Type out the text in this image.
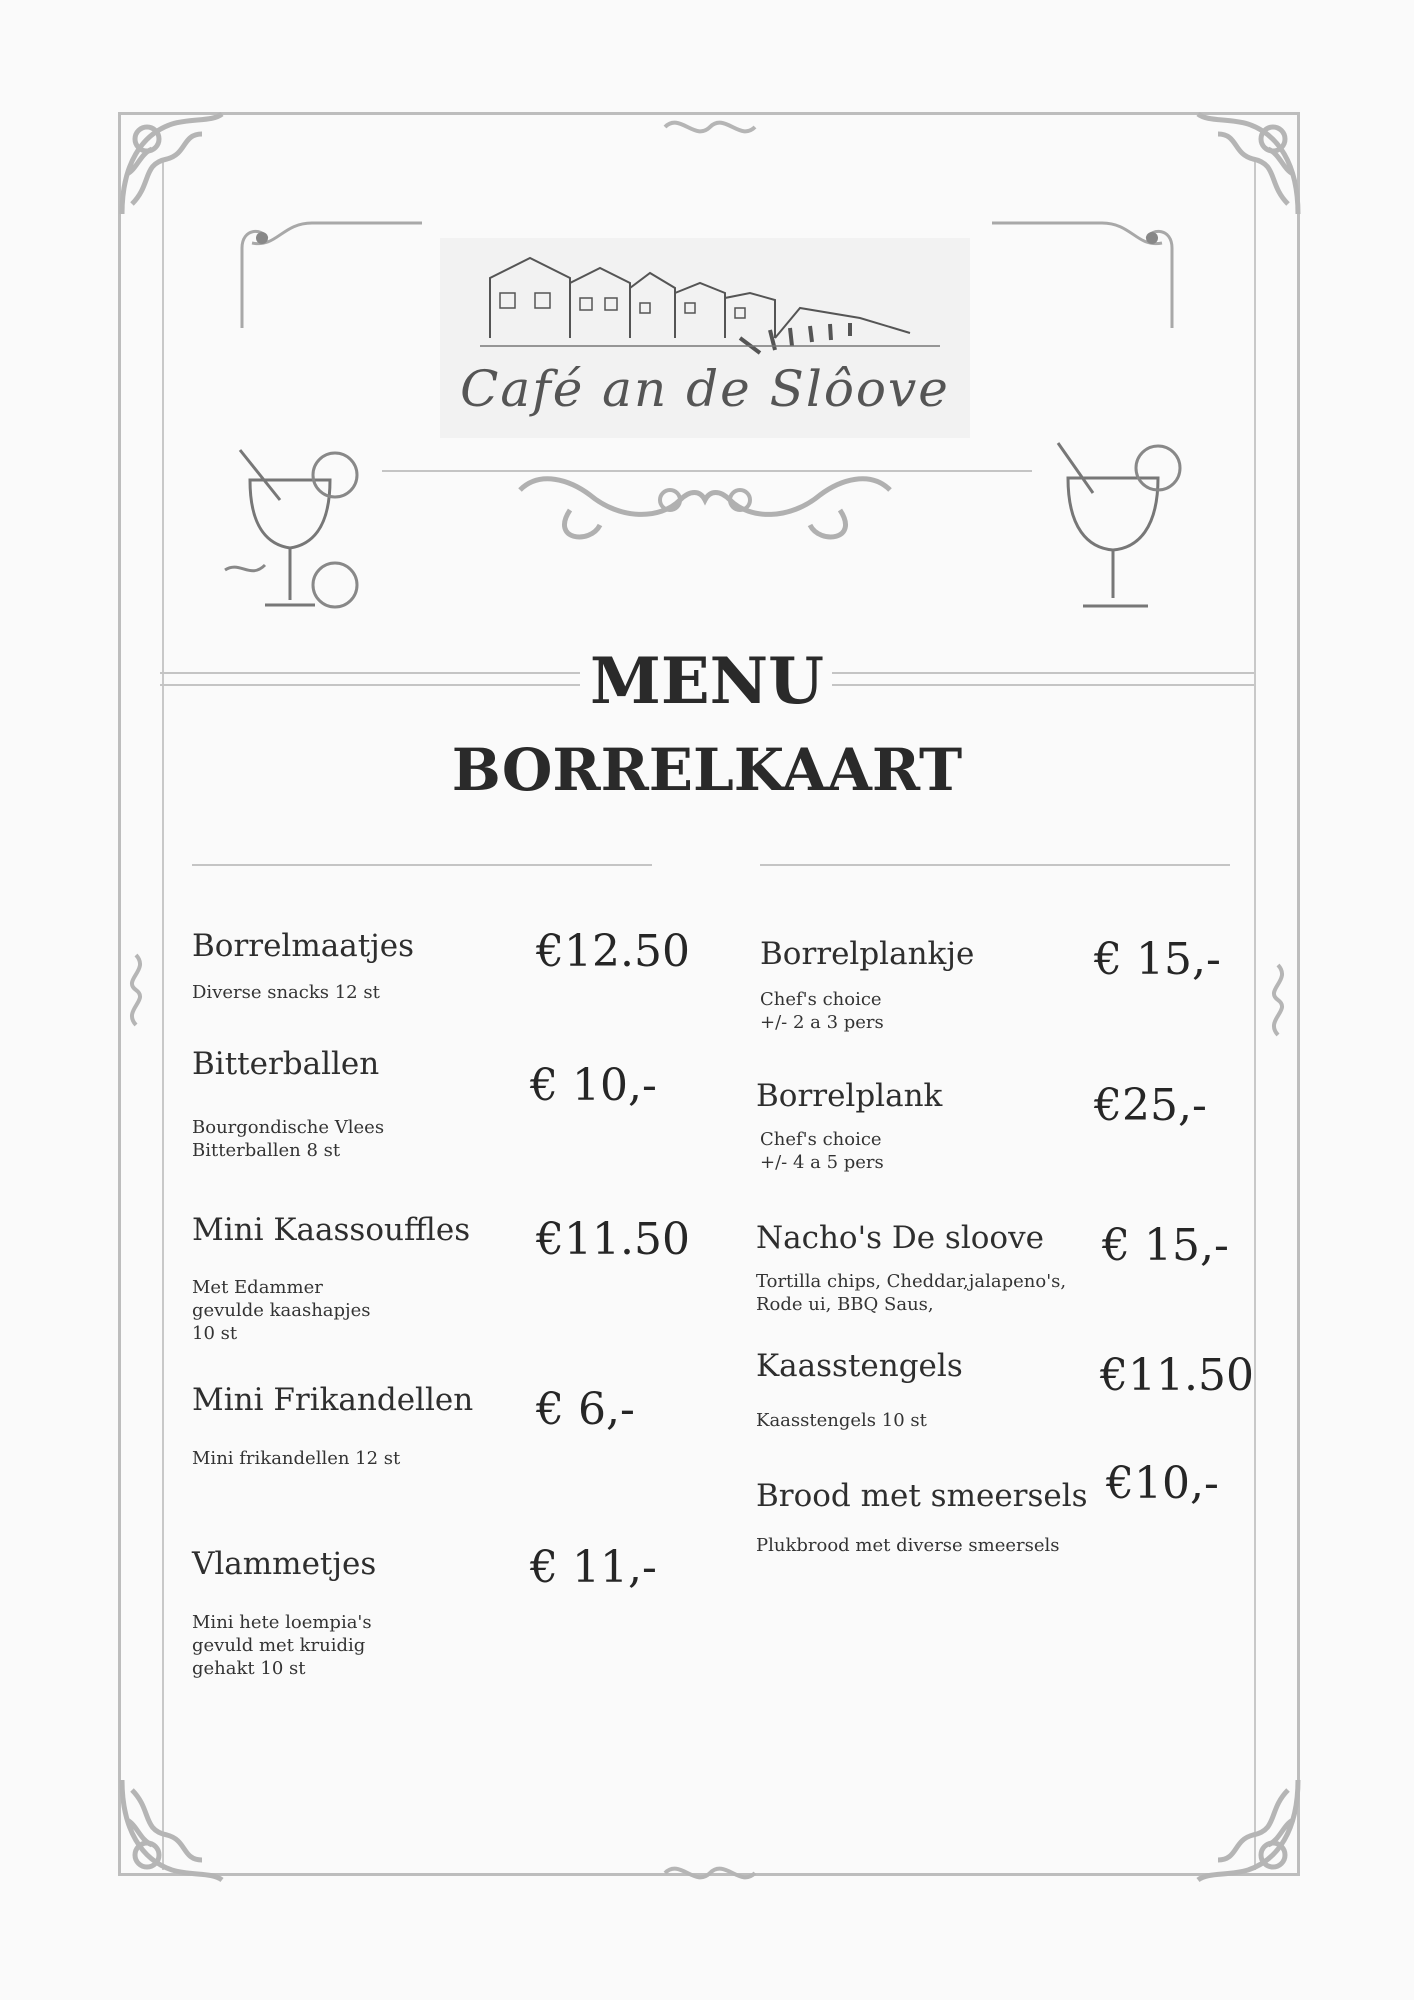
Café an de Slôove
MENU
BORRELKAART
Borrelmaatjes
Diverse snacks 12 st
€12.50
Bitterballen
Bourgondische Vlees
Bitterballen 8 st
€ 10,-
Mini Kaassouffles
Met Edammer
gevulde kaashapjes
10 st
€11.50
Mini Frikandellen
Mini frikandellen 12 st
€ 6,-
Vlammetjes
Mini hete loempia's
gevuld met kruidig
gehakt 10 st
€ 11,-
Borrelplankje
Chef's choice
+/- 2 a 3 pers
€ 15,-
Borrelplank
Chef's choice
+/- 4 a 5 pers
€25,-
Nacho's De sloove
Tortilla chips, Cheddar,jalapeno's,
Rode ui, BBQ Saus,
€ 15,-
Kaasstengels
Kaasstengels 10 st
€11.50
Brood met smeersels
Plukbrood met diverse smeersels
€10,-
